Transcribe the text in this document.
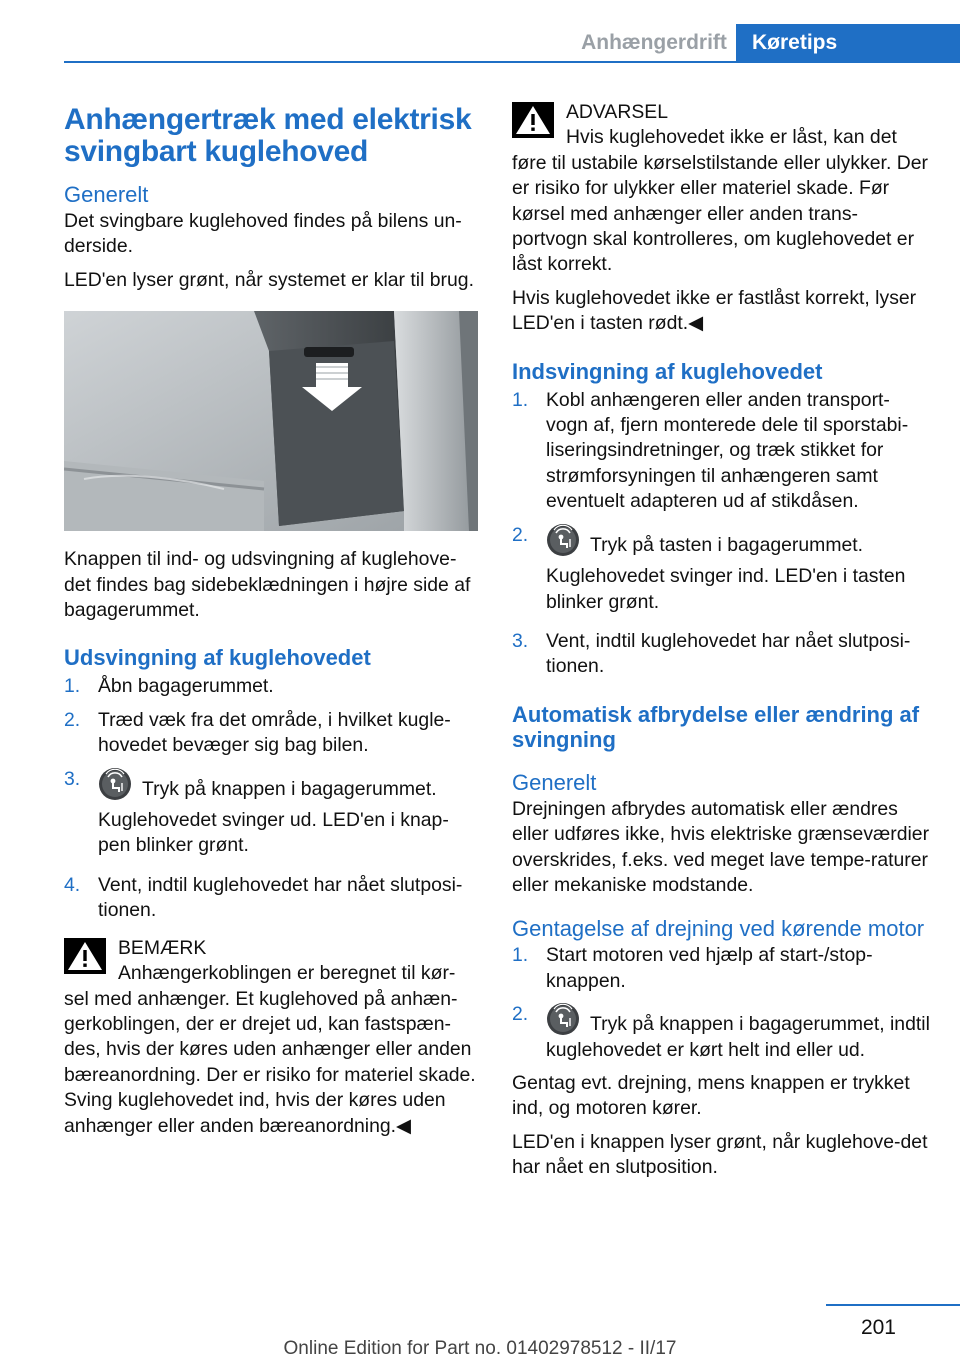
Anhængerdrift	Køretips
Anhængertræk med elektrisk svingbart kuglehoved
Generelt

Det svingbare kuglehoved findes på bilens un‐derside.

LED'en lyser grønt, når systemet er klar til brug.

Knappen til ind- og udsvingning af kuglehove‐det findes bag sidebeklædningen i højre side af bagagerummet.

Udsvingning af kuglehovedet
1. Åbn bagagerummet.
2. Træd væk fra det område, i hvilket kugle‐hovedet bevæger sig bag bilen.
3.	Tryk på knappen i bagagerummet.

Kuglehovedet svinger ud. LED'en i knap‐pen blinker grønt.

4. Vent, indtil kuglehovedet har nået slutposi‐tionen.
BEMÆRK
Anhængerkoblingen er beregnet til kør‐
sel med anhænger. Et kuglehoved på anhæn‐gerkoblingen, der er drejet ud, kan fastspæn‐des, hvis der køres uden anhænger eller anden bæreanordning. Der er risiko for materiel skade. Sving kuglehovedet ind, hvis der køres uden anhænger eller anden bæreanordning.◀
ADVARSEL
Hvis kuglehovedet ikke er låst, kan det
føre til ustabile kørselstilstande eller ulykker. Der er risiko for ulykker eller materiel skade. Før kørsel med anhænger eller anden trans‐portvogn skal kontrolleres, om kuglehovedet er låst korrekt.

Hvis kuglehovedet ikke er fastlåst korrekt, lyser LED'en i tasten rødt.◀

Indsvingning af kuglehovedet
1. Kobl anhængeren eller anden transport‐vogn af, fjern monterede dele til sporstabi‐liseringsindretninger, og træk stikket for strømforsyningen til anhængeren samt eventuelt adapteren ud af stikdåsen.
2.	Tryk på tasten i bagagerummet.

Kuglehovedet svinger ind. LED'en i tasten blinker grønt.

3. Vent, indtil kuglehovedet har nået slutposi‐tionen.
Automatisk afbrydelse eller ændring af svingning
Generelt

Drejningen afbrydes automatisk eller ændres eller udføres ikke, hvis elektriske grænseværdier overskrides, f.eks. ved meget lave tempe‐raturer eller mekaniske modstande.

Gentagelse af drejning ved kørende motor
1. Start motoren ved hjælp af start-/stop-knappen.
2.	Tryk på knappen i bagagerummet, indtil kuglehovedet er kørt helt ind eller ud.

Gentag evt. drejning, mens knappen er trykket ind, og motoren kører.

LED'en i knappen lyser grønt, når kuglehove‐det har nået en slutposition.

201
Online Edition for Part no. 01402978512 - II/17
